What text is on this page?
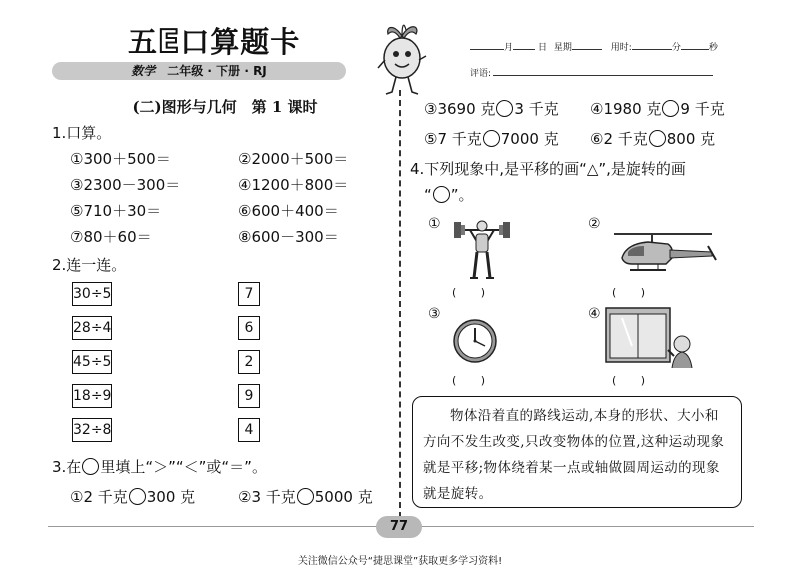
五E口算题卡
数学 二年级 · 下册 · RJ
月	日 星期	用时:	分	秒
评语:
(二)图形与几何　第 1 课时
1.口算。
①300＋500＝	②2000＋500＝
③2300－300＝	④1200＋800＝
⑤710＋30＝	⑥600＋400＝
⑦80＋60＝	⑧600－300＝
2.连一连。
30÷5
28÷4
45÷5
18÷9
32÷8
7
6
2
9
4
3.在 里填上“＞”“＜”或“＝”。
①2 千克 300 克	②3 千克 5000 克
③3690 克 3 千克 ④1980 克 9 千克
⑤7 千克 7000 克 ⑥2 千克 800 克
4.下列现象中,是平移的画“△”,是旋转的画
“ ”。
①
(       )
②
(       )
③
(       )
④
(       )

物体沿着直的路线运动,本身的形状、大小和方向不发生改变,只改变物体的位置,这种运动现象就是平移;物体绕着某一点或轴做圆周运动的现象就是旋转。

77
关注微信公众号“捷思课堂”获取更多学习资料!
